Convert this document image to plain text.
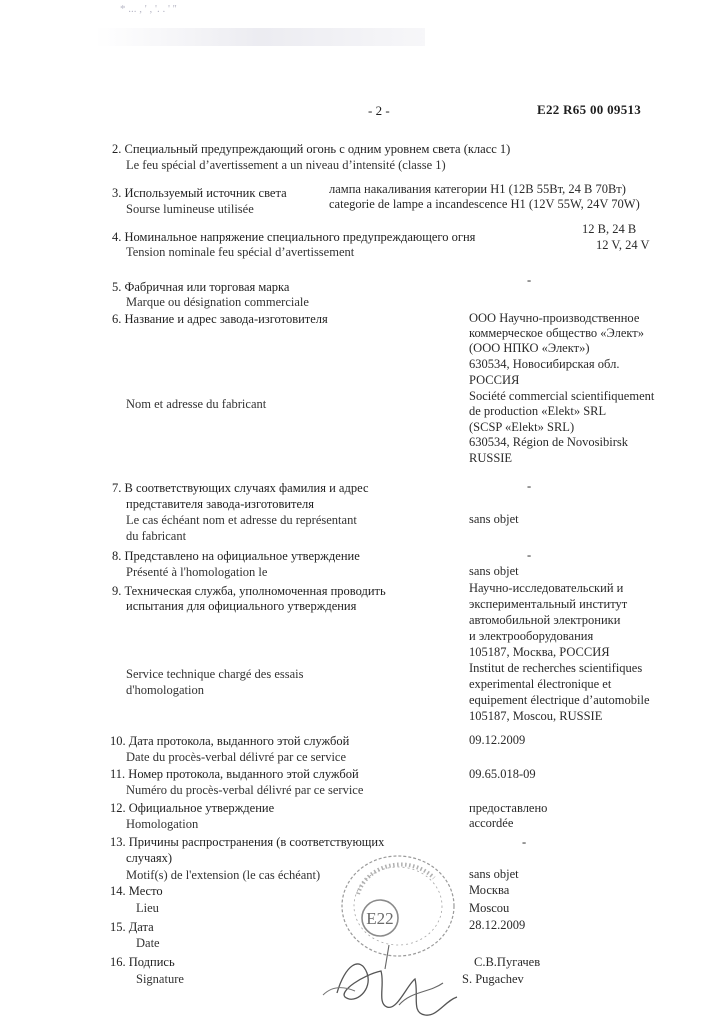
* ... , ' , '. . ' ''
- 2 -	E22 R65 00 09513
2. Специальный предупреждающий огонь с одним уровнем света (класс 1)
Le feu spécial d’avertissement a un niveau d’intensité (classe 1)
3. Используемый источник света
Sourse lumineuse utilisée
лампа накаливания категории Н1 (12В 55Вт, 24 В 70Вт)
categorie de lampe a incandescence H1 (12V 55W, 24V 70W)
4. Номинальное напряжение специального предупреждающего огня
Tension nominale feu spécial d’avertissement
12 В, 24 В
12 V, 24 V
5. Фабричная или торговая марка
Marque ou désignation commerciale
-
6. Название и адрес завода-изготовителя
Nom et adresse du fabricant
ООО Научно-производственное
коммерческое общество «Элект»
(ООО НПКО «Элект»)
630534, Новосибирская обл.
РОССИЯ
Société commercial scientifiquement
de production «Elekt» SRL
(SCSP «Elekt» SRL)
630534, Région de Novosibirsk
RUSSIE
7. В соответствующих случаях фамилия и адрес
представителя завода-изготовителя
Le cas échéant nom et adresse du représentant
du fabricant
-
sans objet
8. Представлено на официальное утверждение
Présenté à l'homologation le
-
sans objet
9. Техническая служба, уполномоченная проводить
испытания для официального утверждения
Service technique chargé des essais
d'homologation
Научно-исследовательский и
экспериментальный институт
автомобильной электроники
и электрооборудования
105187, Москва, РОССИЯ
Institut de recherches scientifiques
experimental électronique et
equipement électrique d’automobile
105187, Moscou, RUSSIE
10. Дата протокола, выданного этой службой
Date du procès-verbal délivré par ce service
09.12.2009
11. Номер протокола, выданного этой службой
Numéro du procès-verbal délivré par ce service
09.65.018-09
12. Официальное утверждение
Homologation
предоставлено
accordée
13. Причины распространения (в соответствующих
случаях)
Motif(s) de l'extension (le cas échéant)
-
sans objet
14. Место
Lieu
Москва
Moscou
15. Дата
Date
28.12.2009
16. Подпись
Signature
С.В.Пугачев
S. Pugachev
E22
